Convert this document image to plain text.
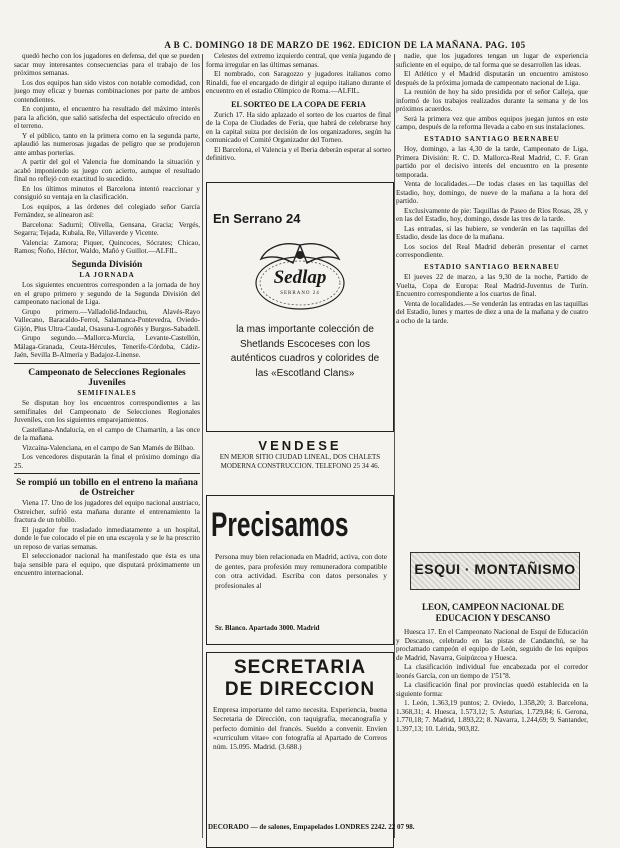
A B C. DOMINGO 18 DE MARZO DE 1962. EDICION DE LA MAÑANA. PAG. 105

quedó hecho con los jugadores en defensa, del que se pueden sacar muy interesantes consecuencias para el trabajo de los próximos semanas.

Los dos equipos han sido vistos con notable comodidad, con juego muy eficaz y buenas combinaciones por parte de ambos contendientes.

En conjunto, el encuentro ha resultado del máximo interés para la afición, que salió satisfecha del espectáculo ofrecido en el terreno.

Y el público, tanto en la primera como en la segunda parte, aplaudió las numerosas jugadas de peligro que se produjeron ante ambas porterías.

A partir del gol el Valencia fue dominando la situación y acabó imponiendo su juego con acierto, aunque el resultado final no reflejó con exactitud lo sucedido.

En los últimos minutos el Barcelona intentó reaccionar y consiguió su ventaja en la clasificación.

Los equipos, a las órdenes del colegiado señor García Fernández, se alinearon así:

Barcelona: Sadurní; Olivella, Gensana, Gracia; Vergés, Segarra; Tejada, Kubala, Re, Villaverde y Vicente.

Valencia: Zamora; Piquer, Quincoces, Sócrates; Chicao, Ramos; Ñoño, Héctor, Waldo, Mañó y Guillot.—ALFIL.

Segunda División
LA JORNADA

Los siguientes encuentros corresponden a la jornada de hoy en el grupo primero y segundo de la Segunda División del campeonato nacional de Liga.

Grupo primero.—Valladolid-Indauchu, Alavés-Rayo Vallecano, Baracaldo-Ferrol, Salamanca-Pontevedra, Oviedo-Gijón, Plus Ultra-Caudal, Osasuna-Logroñés y Burgos-Sabadell.

Grupo segundo.—Mallorca-Murcia, Levante-Castellón, Málaga-Granada, Ceuta-Hércules, Tenerife-Córdoba, Cádiz-Jaén, Sevilla B-Almería y Badajoz-Linense.

Campeonato de Selecciones Regionales Juveniles
SEMIFINALES

Se disputan hoy los encuentros correspondientes a las semifinales del Campeonato de Selecciones Regionales Juveniles, con los siguientes emparejamientos.

Castellana-Andalucía, en el campo de Chamartín, a las once de la mañana.

Vizcaína-Valenciana, en el campo de San Mamés de Bilbao.

Los vencedores disputarán la final el próximo domingo día 25.

Se rompió un tobillo en el entreno la mañana de Ostreicher

Viena 17. Uno de los jugadores del equipo nacional austriaco, Ostreicher, sufrió esta mañana durante el entrenamiento la fractura de un tobillo.

El jugador fue trasladado inmediatamente a un hospital, donde le fue colocado el pie en una escayola y se le ha prescrito un reposo de varias semanas.

El seleccionador nacional ha manifestado que ésta es una baja sensible para el equipo, que disputará próximamente un encuentro internacional.

Celestes del extremo izquierdo central, que venía jugando de forma irregular en las últimas semanas.

El nombrado, con Saragozzo y jugadores italianos como Rinaldi, fue el encargado de dirigir al equipo italiano durante el encuentro en el estadio Olímpico de Roma.—ALFIL.

EL SORTEO DE LA COPA DE FERIA

Zurich 17. Ha sido aplazado el sorteo de los cuartos de final de la Copa de Ciudades de Feria, que habrá de celebrarse hoy en la capital suiza por decisión de los organizadores, según ha comunicado el Comité Organizador del Torneo.

El Barcelona, el Valencia y el Iberia deberán esperar al sorteo definitivo.

En Serrano 24
Sedlap
SERRANO 24
la mas importante colección de Shetlands Escoceses con los auténticos cuadros y colorides de las «Escotland Clans»
VENDESE
EN MEJOR SITIO CIUDAD LINEAL, DOS CHALETS MODERNA CONSTRUCCION. TELEFONO 25 34 46.
Precisamos
Persona muy bien relacionada en Madrid, activa, con dote de gentes, para profesión muy remuneradora compatible con otra actividad. Escriba con datos personales y profesionales al
Sr. Blanco. Apartado 3000. Madrid
SECRETARIA
DE DIRECCION
Empresa importante del ramo necesita. Experiencia, buena Secretaria de Dirección, con taquigrafía, mecanografía y perfecto dominio del francés. Sueldo a convenir. Envíen «curriculum vitae» con fotografía al Apartado de Correos núm. 15.095. Madrid. (3.688.)
DECORADO — de salones, Empapelados LONDRES 2242. 22 07 98.

nadie, que los jugadores tengan un lugar de experiencia suficiente en el equipo, de tal forma que se desarrollen las ideas.

El Atlético y el Madrid disputarán un encuentro amistoso después de la próxima jornada de campeonato nacional de Liga.

La reunión de hoy ha sido presidida por el señor Calleja, que informó de los trabajos realizados durante la semana y de los próximos acuerdos.

Será la primera vez que ambos equipos juegan juntos en este campo, después de la reforma llevada a cabo en sus instalaciones.

ESTADIO SANTIAGO BERNABEU

Hoy, domingo, a las 4,30 de la tarde, Campeonato de Liga, Primera División: R. C. D. Mallorca-Real Madrid, C. F. Gran partido por el decisivo interés del encuentro en la presente temporada.

Venta de localidades.—De todas clases en las taquillas del Estadio, hoy, domingo, de nueve de la mañana a la hora del partido.

Exclusivamente de pie: Taquillas de Paseo de Ríos Rosas, 28, y en las del Estadio, hoy, domingo, desde las tres de la tarde.

Las entradas, si las hubiere, se venderán en las taquillas del Estadio, desde las doce de la mañana.

Los socios del Real Madrid deberán presentar el carnet correspondiente.

ESTADIO SANTIAGO BERNABEU

El jueves 22 de marzo, a las 9,30 de la noche, Partido de Vuelta, Copa de Europa: Real Madrid-Juventus de Turín. Encuentro correspondiente a los cuartos de final.

Venta de localidades.—Se venderán las entradas en las taquillas del Estadio, lunes y martes de diez a una de la mañana y de cuatro a ocho de la tarde.

ESQUI · MONTAÑISMO
LEON, CAMPEON NACIONAL DE EDUCACION Y DESCANSO

Huesca 17. En el Campeonato Nacional de Esquí de Educación y Descanso, celebrado en las pistas de Candanchú, se ha proclamado campeón el equipo de León, seguido de los equipos de Madrid, Navarra, Guipúzcoa y Huesca.

La clasificación individual fue encabezada por el corredor leonés García, con un tiempo de 1'51''8.

La clasificación final por provincias quedó establecida en la siguiente forma:

1. León, 1.363,19 puntos; 2. Oviedo, 1.358,20; 3. Barcelona, 1.368,31; 4. Huesca, 1.573,12; 5. Asturias, 1.729,84; 6. Gerona, 1.770,18; 7. Madrid, 1.893,22; 8. Navarra, 1.244,69; 9. Santander, 1.397,13; 10. Lérida, 903,82.
